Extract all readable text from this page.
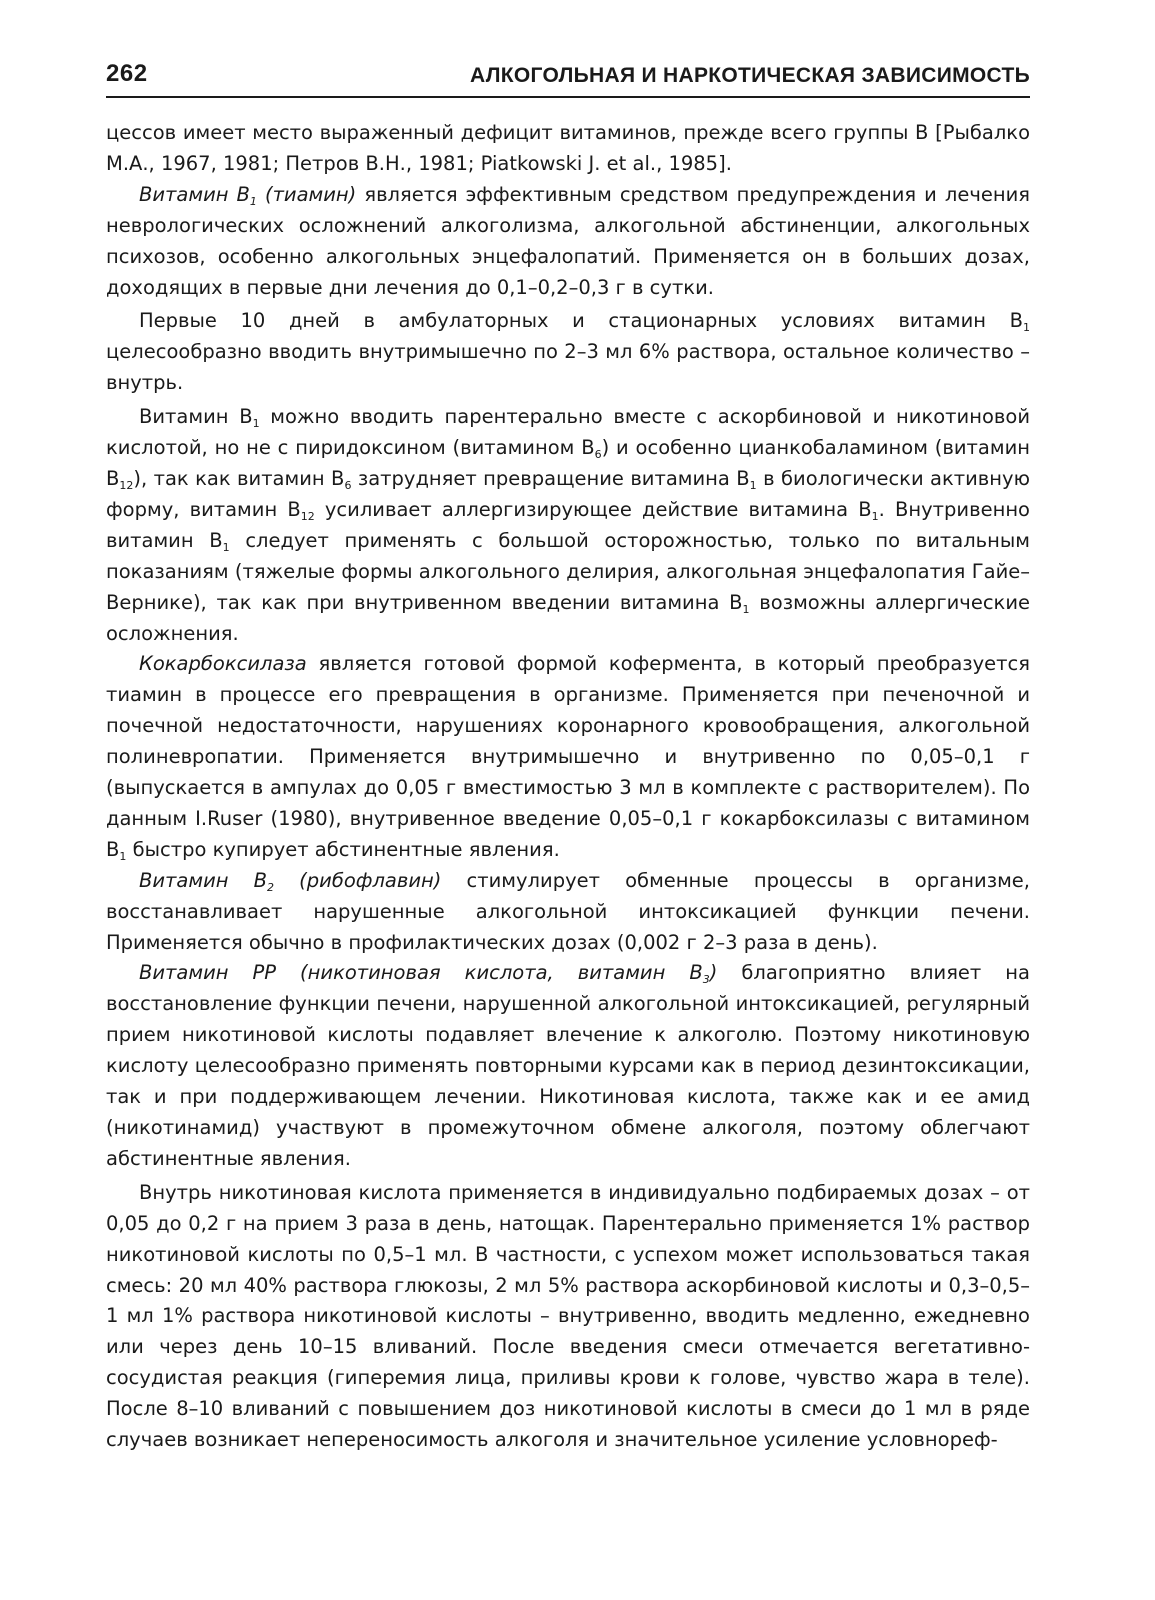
262	АЛКОГОЛЬНАЯ И НАРКОТИЧЕСКАЯ ЗАВИСИМОСТЬ

цессов имеет место выраженный дефицит витаминов, прежде всего группы B [Рыбалко М.А., 1967, 1981; Петров В.Н., 1981; Piatkowski J. et al., 1985].

Витамин $B_1$ (тиамин) является эффективным средством предупреждения и лечения неврологических осложнений алкоголизма, алкогольной абстиненции, алкогольных психозов, особенно алкогольных энцефалопатий. Применяется он в больших дозах, доходящих в первые дни лечения до 0,1–0,2–0,3 г в сутки.

Первые 10 дней в амбулаторных и стационарных условиях витамин $B_1$ целесообразно вводить внутримышечно по 2–3 мл 6% раствора, остальное количество – внутрь.

Витамин $B_1$ можно вводить парентерально вместе с аскорбиновой и никотиновой кислотой, но не с пиридоксином (витамином $B_6$) и особенно цианкобаламином (витамин $B_{12}$), так как витамин $B_6$ затрудняет превращение витамина $B_1$ в биологически активную форму, витамин $B_{12}$ усиливает аллергизирующее действие витамина $B_1$. Внутривенно витамин $B_1$ следует применять с большой осторожностью, только по витальным показаниям (тяжелые формы алкогольного делирия, алкогольная энцефалопатия Гайе–Вернике), так как при внутривенном введении витамина $B_1$ возможны аллергические осложнения.

Кокарбоксилаза является готовой формой кофермента, в который преобразуется тиамин в процессе его превращения в организме. Применяется при печеночной и почечной недостаточности, нарушениях коронарного кровообращения, алкогольной полиневропатии. Применяется внутримышечно и внутривенно по 0,05–0,1 г (выпускается в ампулах до 0,05 г вместимостью 3 мл в комплекте с растворителем). По данным I.Ruser (1980), внутривенное введение 0,05–0,1 г кокарбоксилазы с витамином $B_1$ быстро купирует абстинентные явления.

Витамин $B_2$ (рибофлавин) стимулирует обменные процессы в организме, восстанавливает нарушенные алкогольной интоксикацией функции печени. Применяется обычно в профилактических дозах (0,002 г 2–3 раза в день).

Витамин PP (никотиновая кислота, витамин $B_3$) благоприятно влияет на восстановление функции печени, нарушенной алкогольной интоксикацией, регулярный прием никотиновой кислоты подавляет влечение к алкоголю. Поэтому никотиновую кислоту целесообразно применять повторными курсами как в период дезинтоксикации, так и при поддерживающем лечении. Никотиновая кислота, также как и ее амид (никотинамид) участвуют в промежуточном обмене алкоголя, поэтому облегчают абстинентные явления.

Внутрь никотиновая кислота применяется в индивидуально подбираемых дозах – от 0,05 до 0,2 г на прием 3 раза в день, натощак. Парентерально применяется 1% раствор никотиновой кислоты по 0,5–1 мл. В частности, с успехом может использоваться такая смесь: 20 мл 40% раствора глюкозы, 2 мл 5% раствора аскорбиновой кислоты и 0,3–0,5–1 мл 1% раствора никотиновой кислоты – внутривенно, вводить медленно, ежедневно или через день 10–15 вливаний. После введения смеси отмечается вегетативно-сосудистая реакция (гиперемия лица, приливы крови к голове, чувство жара в теле). После 8–10 вливаний с повышением доз никотиновой кислоты в смеси до 1 мл в ряде случаев возникает непереносимость алкоголя и значительное усиление условнореф-
